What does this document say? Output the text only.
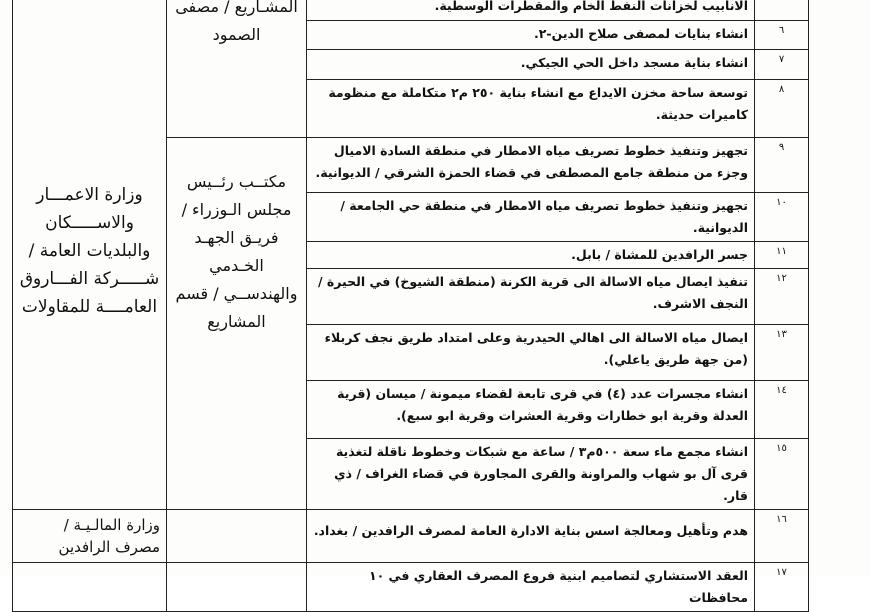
	الانابيب لخزانات النفط الخام والمقطرات الوسطية.	المشـاريع / مصفى الصمود	وزارة الاعمـــار والاســـــكان والبلديات العامة / شـــــركة الفـــاروق العامــــة للمقاولات
٦	انشاء بنايات لمصفى صلاح الدين-٢.		
٧	انشاء بناية مسجد داخل الحي الجيكي.		
٨	توسعة ساحة مخزن الايداع مع انشاء بناية ٢٥٠ م٢ متكاملة مع منظومة كاميرات حديثة.		
٩	تجهيز وتنفيذ خطوط تصريف مياه الامطار في منطقة السادة الاميال وجزء من منطقة جامع المصطفى في قضاء الحمزة الشرقي / الديوانية.	مكتــب رئــيس مجلس الـوزراء / فريـق الجهـد الخـدمي والهندســي / قسم المشاريع	
١٠	تجهيز وتنفيذ خطوط تصريف مياه الامطار في منطقة حي الجامعة / الديوانية.		
١١	جسر الرافدين للمشاة / بابل.		
١٢	تنفيذ ايصال مياه الاسالة الى قرية الكرنة (منطقة الشيوخ) في الحيرة / النجف الاشرف.		
١٣	ايصال مياه الاسالة الى اهالي الحيدرية وعلى امتداد طريق نجف كربلاء (من جهة طريق ياعلي).		
١٤	انشاء مجسرات عدد (٤) في قرى تابعة لقضاء ميمونة / ميسان (قرية العدلة وقرية ابو خطارات وقرية العشرات وقرية ابو سبع).		
١٥	انشاء مجمع ماء سعة ٥٠٠م٣ / ساعة مع شبكات وخطوط ناقلة لتغذية قرى آل بو شهاب والمراونة والقرى المجاورة في قضاء الغراف / ذي قار.		
١٦	هدم وتأهيل ومعالجة اسس بناية الادارة العامة لمصرف الرافدين / بغداد.		وزارة المالـيـة / مصرف الرافدين
١٧	العقد الاستشاري لتصاميم ابنية فروع المصرف العقاري في ١٠ محافظات		
